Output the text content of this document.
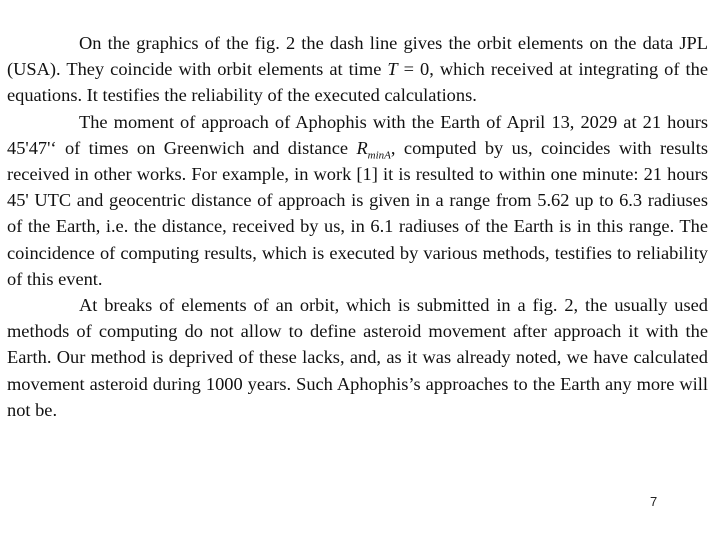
On the graphics of the fig. 2 the dash line gives the orbit elements on the data JPL (USA). They coincide with orbit elements at time T = 0, which received at integrating of the equations. It testifies the reliability of the executed calculations.

The moment of approach of Aphophis with the Earth of April 13, 2029 at 21 hours 45'47'‘ of times on Greenwich and distance $R_{minA}$, computed by us, coincides with results received in other works. For example, in work [1] it is resulted to within one minute: 21 hours 45' UTC and geocentric distance of approach is given in a range from 5.62 up to 6.3 radiuses of the Earth, i.e. the distance, received by us, in 6.1 radiuses of the Earth is in this range. The coincidence of computing results, which is executed by various methods, testifies to reliability of this event.

At breaks of elements of an orbit, which is submitted in a fig. 2, the usually used methods of computing do not allow to define asteroid movement after approach it with the Earth. Our method is deprived of these lacks, and, as it was already noted, we have calculated movement asteroid during 1000 years. Such Aphophis’s approaches to the Earth any more will not be.

7
